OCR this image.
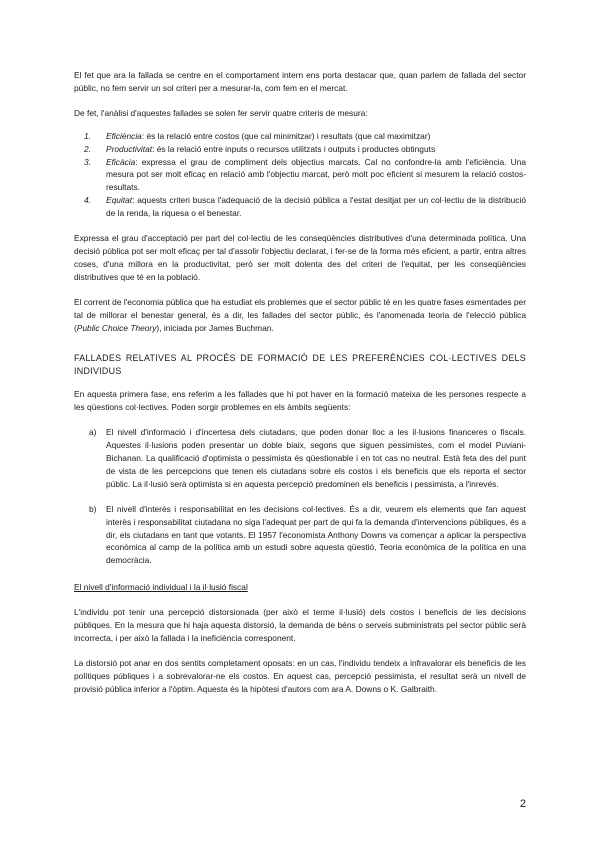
El fet que ara la fallada se centre en el comportament intern ens porta destacar que, quan parlem de fallada del sector públic, no fem servir un sol criteri per a mesurar-la, com fem en el mercat.

De fet, l'anàlisi d'aquestes fallades se solen fer servir quatre criteris de mesura:

1. Eficiència: és la relació entre costos (que cal minimitzar) i resultats (que cal maximitzar)
2. Productivitat: és la relació entre inputs o recursos utilitzats i outputs i productes obtinguts
3. Eficàcia: expressa el grau de compliment dels objectius marcats. Cal no confondre-la amb l'eficiència. Una mesura pot ser molt eficaç en relació amb l'objectiu marcat, però molt poc eficient si mesurem la relació costos-resultats.
4. Equitat: aquests criteri busca l'adequació de la decisió pública a l'estat desitjat per un col·lectiu de la distribució de la renda, la riquesa o el benestar.

Expressa el grau d'acceptació per part del col·lectiu de les conseqüències distributives d'una determinada política. Una decisió pública pot ser molt eficaç per tal d'assolir l'objectiu declarat, i fer-se de la forma més eficient, a partir, entra altres coses, d'una millora en la productivitat, però ser molt dolenta des del criteri de l'equitat, per les conseqüències distributives que té en la població.

El corrent de l'economia pública que ha estudiat els problemes que el sector públic té en les quatre fases esmentades per tal de millorar el benestar general, és a dir, les fallades del sector públic, és l'anomenada teoria de l'elecció pública (Public Choice Theory), iniciada por James Buchman.

FALLADES RELATIVES AL PROCÉS DE FORMACIÓ DE LES PREFERÈNCIES COL·LECTIVES DELS INDIVIDUS

En aquesta primera fase, ens referim a les fallades que hi pot haver en la formació mateixa de les persones respecte a les qüestions col·lectives. Poden sorgir problemes en els àmbits següents:

a) El nivell d'informació i d'incertesa dels ciutadans, que poden donar lloc a les il·lusions financeres o fiscals. Aquestes il·lusions poden presentar un doble biaix, segons que siguen pessimistes, com el model Puviani-Bichanan. La qualificació d'optimista o pessimista és qüestionable i en tot cas no neutral. Està feta des del punt de vista de les percepcions que tenen els ciutadans sobre els costos i els beneficis que els reporta el sector públic. La il·lusió serà optimista si en aquesta percepció predominen els beneficis i pessimista, a l'inrevés.
b) El nivell d'interès i responsabilitat en les decisions col·lectives. És a dir, veurem els elements que fan aquest interès i responsabilitat ciutadana no siga l'adequat per part de qui fa la demanda d'intervencions públiques, és a dir, els ciutadans en tant que votants. El 1957 l'economista Anthony Downs va començar a aplicar la perspectiva econòmica al camp de la política amb un estudi sobre aquesta qüestió, Teoria econòmica de la política en una democràcia.

El nivell d'informació individual i la il·lusió fiscal

L'individu pot tenir una percepció distorsionada (per això el terme il·lusió) dels costos i beneficis de les decisions públiques. En la mesura que hi haja aquesta distorsió, la demanda de béns o serveis subministrats pel sector públic serà incorrecta, i per això la fallada i la ineficiència corresponent.

La distorsió pot anar en dos sentits completament oposats: en un cas, l'individu tendeix a infravalorar els beneficis de les polítiques públiques i a sobrevalorar-ne els costos. En aquest cas, percepció pessimista, el resultat serà un nivell de provisió pública inferior a l'òptim. Aquesta és la hipòtesi d'autors com ara A. Downs o K. Galbraith.

2
